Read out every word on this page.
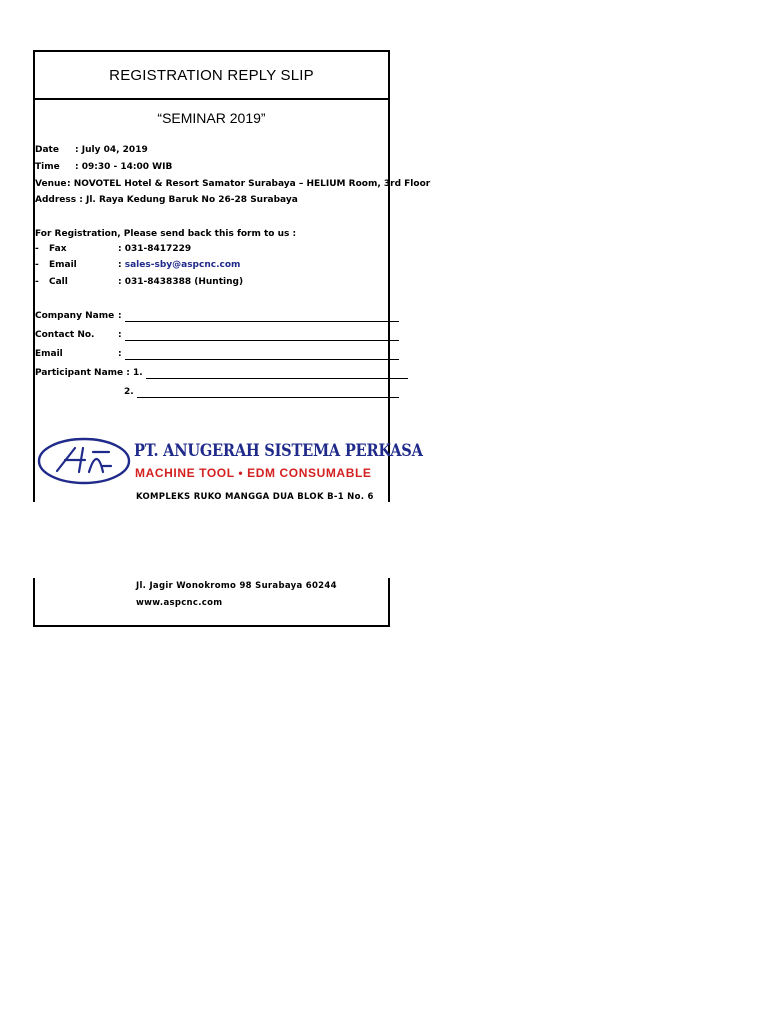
REGISTRATION REPLY SLIP
“SEMINAR 2019”
Date : July 04, 2019
Time : 09:30 - 14:00 WIB
Venue: NOVOTEL Hotel & Resort Samator Surabaya – HELIUM Room, 3rd Floor
Address : Jl. Raya Kedung Baruk No 26-28 Surabaya
For Registration, Please send back this form to us :
- Fax	: 031-8417229
- Email	: sales-sby@aspcnc.com
- Call	: 031-8438388 (Hunting)
Company Name :
Contact No.	:
Email	:
Participant Name : 1.
2.
PT. ANUGERAH SISTEMA PERKASA
MACHINE TOOL • EDM CONSUMABLE
KOMPLEKS RUKO MANGGA DUA BLOK B-1 No. 6
Jl. Jagir Wonokromo 98 Surabaya 60244
www.aspcnc.com
